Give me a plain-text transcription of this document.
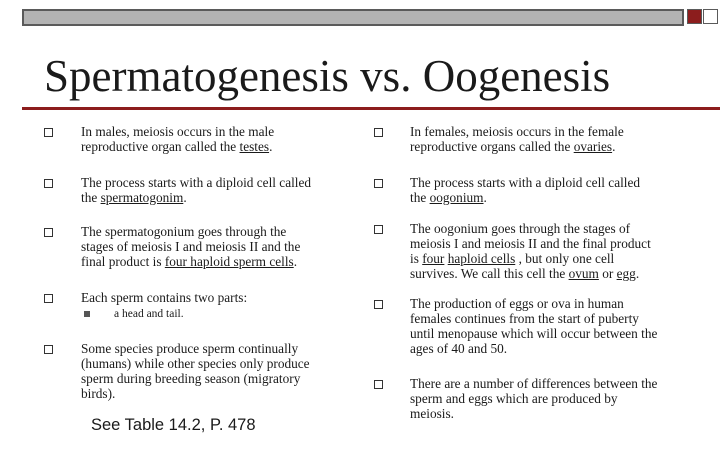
Spermatogenesis vs. Oogenesis
In males, meiosis occurs in the male
reproductive organ called the testes.
The process starts with a diploid cell called
the spermatogonim.
The spermatogonium goes through the
stages of meiosis I and meiosis II and the
final product is four haploid sperm cells.
Each sperm contains two parts:
a head and tail.
Some species produce sperm continually
(humans) while other species only produce
sperm during breeding season (migratory
birds).

See Table 14.2, P. 478

In females, meiosis occurs in the female
reproductive organs called the ovaries.
The process starts with a diploid cell called
the oogonium.
The oogonium goes through the stages of
meiosis I and meiosis II and the final product
is four haploid cells , but only one cell
survives. We call this cell the ovum or egg.
The production of eggs or ova in human
females continues from the start of puberty
until menopause which will occur between the
ages of 40 and 50.
There are a number of differences between the
sperm and eggs which are produced by
meiosis.
